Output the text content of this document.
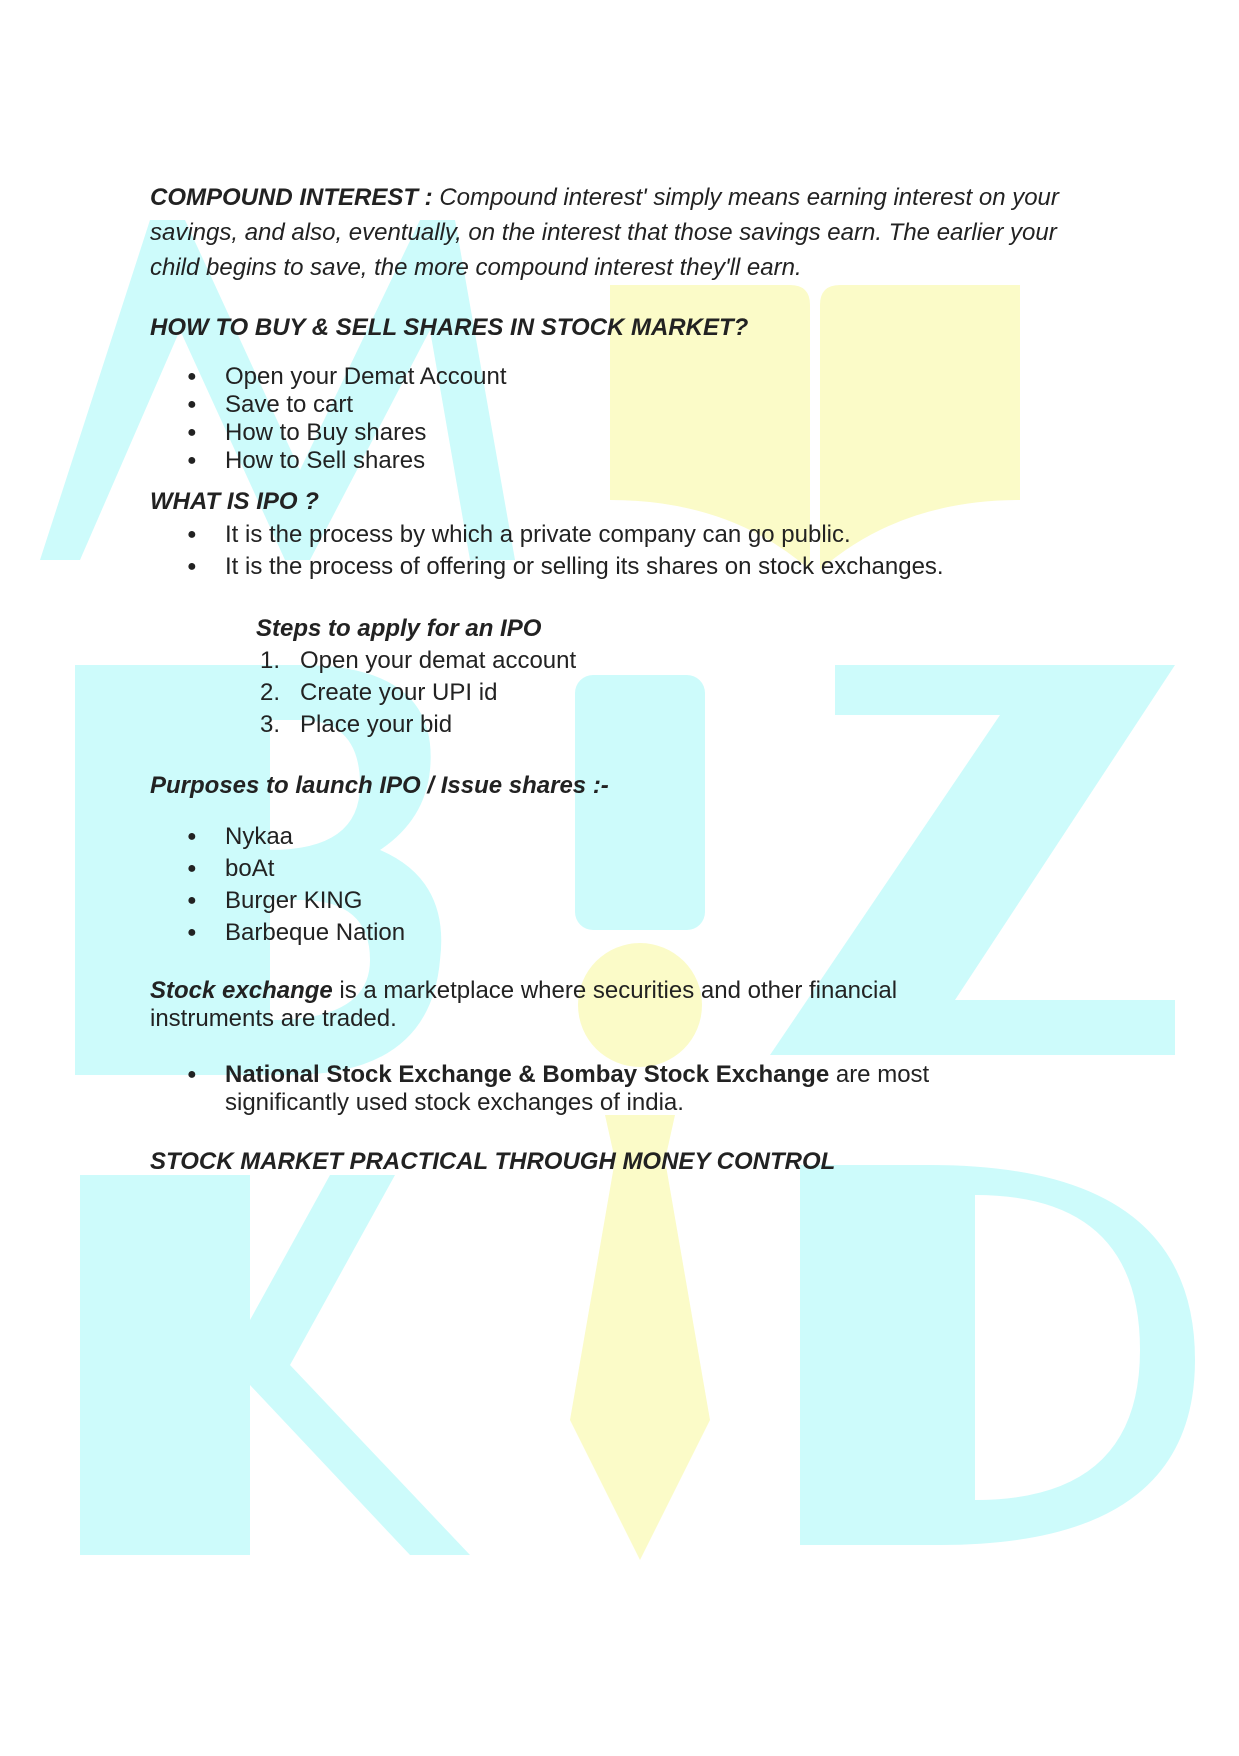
COMPOUND INTEREST : Compound interest' simply means earning interest on your savings, and also, eventually, on the interest that those savings earn. The earlier your child begins to save, the more compound interest they'll earn.

HOW TO BUY & SELL SHARES IN STOCK MARKET?

● Open your Demat Account
● Save to cart
● How to Buy shares
● How to Sell shares

WHAT IS IPO ?

● It is the process by which a private company can go public.
● It is the process of offering or selling its shares on stock exchanges.

Steps to apply for an IPO

1. Open your demat account
2. Create your UPI id
3. Place your bid

Purposes to launch IPO / Issue shares :-

● Nykaa
● boAt
● Burger KING
● Barbeque Nation

Stock exchange is a marketplace where securities and other financial instruments are traded.

● National Stock Exchange & Bombay Stock Exchange are most significantly used stock exchanges of india.

STOCK MARKET PRACTICAL THROUGH MONEY CONTROL
